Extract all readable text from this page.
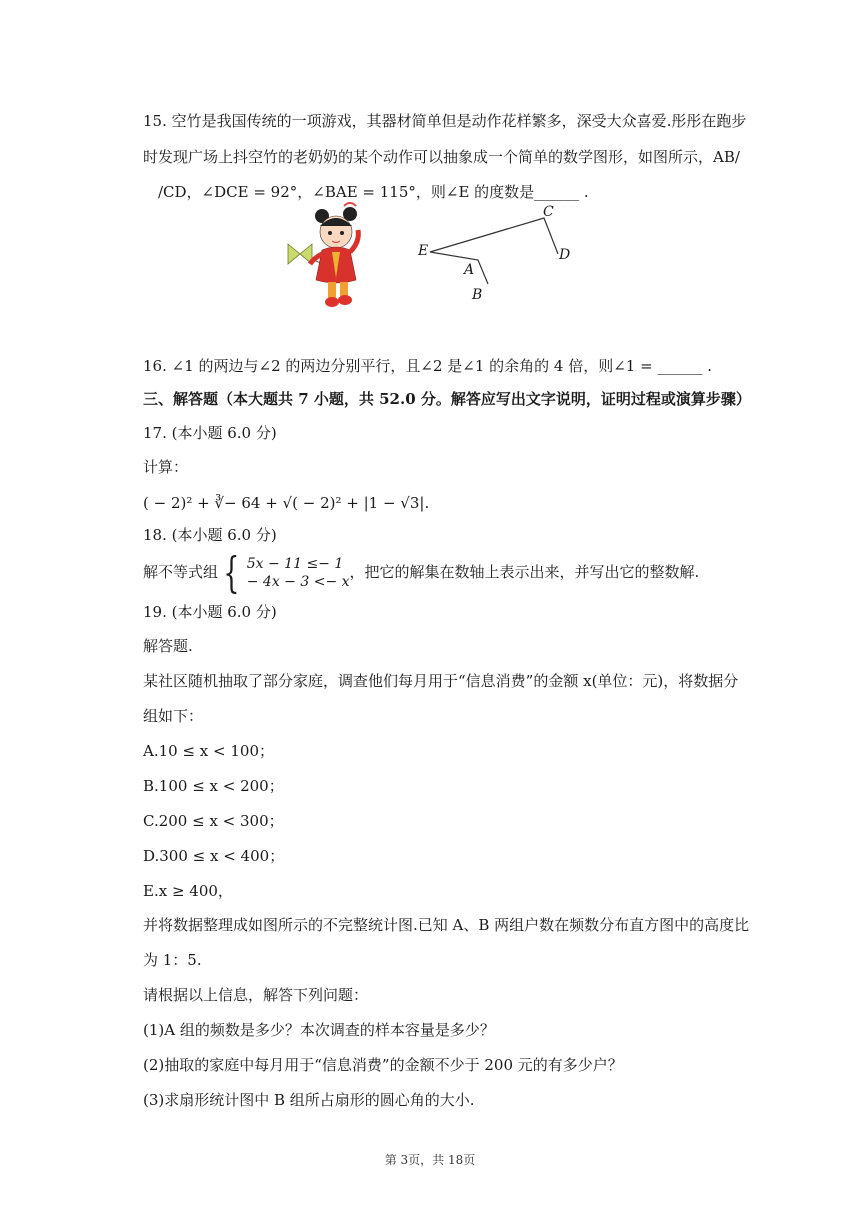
15. 空竹是我国传统的一项游戏，其器材简单但是动作花样繁多，深受大众喜爱.彤彤在跑步
时发现广场上抖空竹的老奶奶的某个动作可以抽象成一个简单的数学图形，如图所示，AB/
/CD，∠DCE = 92°，∠BAE = 115°，则∠E 的度数是______ .
C
D
E
A
B
16. ∠1 的两边与∠2 的两边分别平行，且∠2 是∠1 的余角的 4 倍，则∠1 = ______ .
三、解答题（本大题共 7 小题，共 52.0 分。解答应写出文字说明，证明过程或演算步骤）
17. (本小题 6.0 分)
计算：
( − 2)² + ∛− 64 + √( − 2)² + |1 − √3|.
18. (本小题 6.0 分)
解不等式组 { 5x − 11 ≤− 1
− 4x − 3 <− x
，把它的解集在数轴上表示出来，并写出它的整数解.
19. (本小题 6.0 分)
解答题.
某社区随机抽取了部分家庭，调查他们每月用于“信息消费”的金额 x(单位：元)，将数据分
组如下：
A.10 ≤ x < 100；
B.100 ≤ x < 200；
C.200 ≤ x < 300；
D.300 ≤ x < 400；
E.x ≥ 400，
并将数据整理成如图所示的不完整统计图.已知 A、B 两组户数在频数分布直方图中的高度比
为 1：5.
请根据以上信息，解答下列问题：
(1)A 组的频数是多少？本次调查的样本容量是多少？
(2)抽取的家庭中每月用于“信息消费”的金额不少于 200 元的有多少户？
(3)求扇形统计图中 B 组所占扇形的圆心角的大小.
第 3页，共 18页
